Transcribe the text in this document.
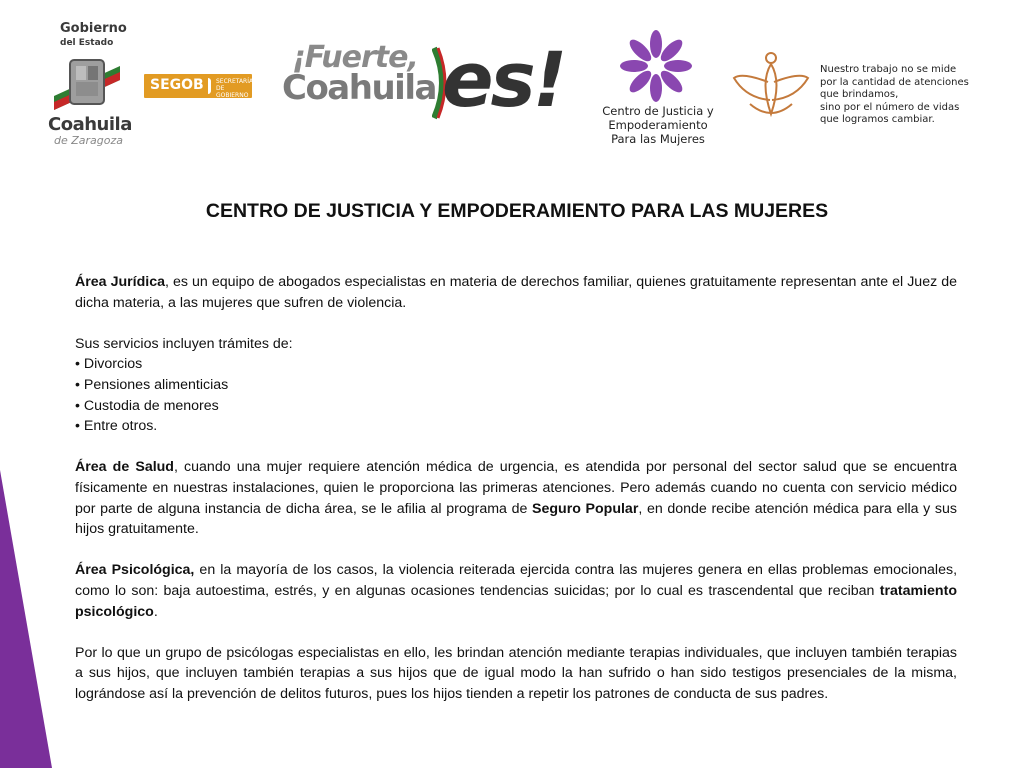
Gobierno
del Estado
Coahuila
de Zaragoza
SEGOB SECRETARÍA DE GOBIERNO
¡Fuerte,
Coahuila es!	Centro de Justicia y
Empoderamiento
Para las Mujeres
Nuestro trabajo no se mide
por la cantidad de atenciones
que brindamos,
sino por el número de vidas
que logramos cambiar.
CENTRO DE JUSTICIA Y EMPODERAMIENTO PARA LAS MUJERES

Área Jurídica, es un equipo de abogados especialistas en materia de derechos familiar, quienes gratuitamente representan ante el Juez de dicha materia, a las mujeres que sufren de violencia.

Sus servicios incluyen trámites de:

• Divorcios
• Pensiones alimenticias
• Custodia de menores
• Entre otros.

Área de Salud, cuando una mujer requiere atención médica de urgencia, es atendida por personal del sector salud que se encuentra físicamente en nuestras instalaciones, quien le proporciona las primeras atenciones. Pero además cuando no cuenta con servicio médico por parte de alguna instancia de dicha área, se le afilia al programa de Seguro Popular, en donde recibe atención médica para ella y sus hijos gratuitamente.

Área Psicológica, en la mayoría de los casos, la violencia reiterada ejercida contra las mujeres genera en ellas problemas emocionales, como lo son: baja autoestima, estrés, y en algunas ocasiones tendencias suicidas; por lo cual es trascendental que reciban tratamiento psicológico.

Por lo que un grupo de psicólogas especialistas en ello, les brindan atención mediante terapias individuales, que incluyen también terapias a sus hijos, que incluyen también terapias a sus hijos que de igual modo la han sufrido o han sido testigos presenciales de la misma, lográndose así la prevención de delitos futuros, pues los hijos tienden a repetir los patrones de conducta de sus padres.
